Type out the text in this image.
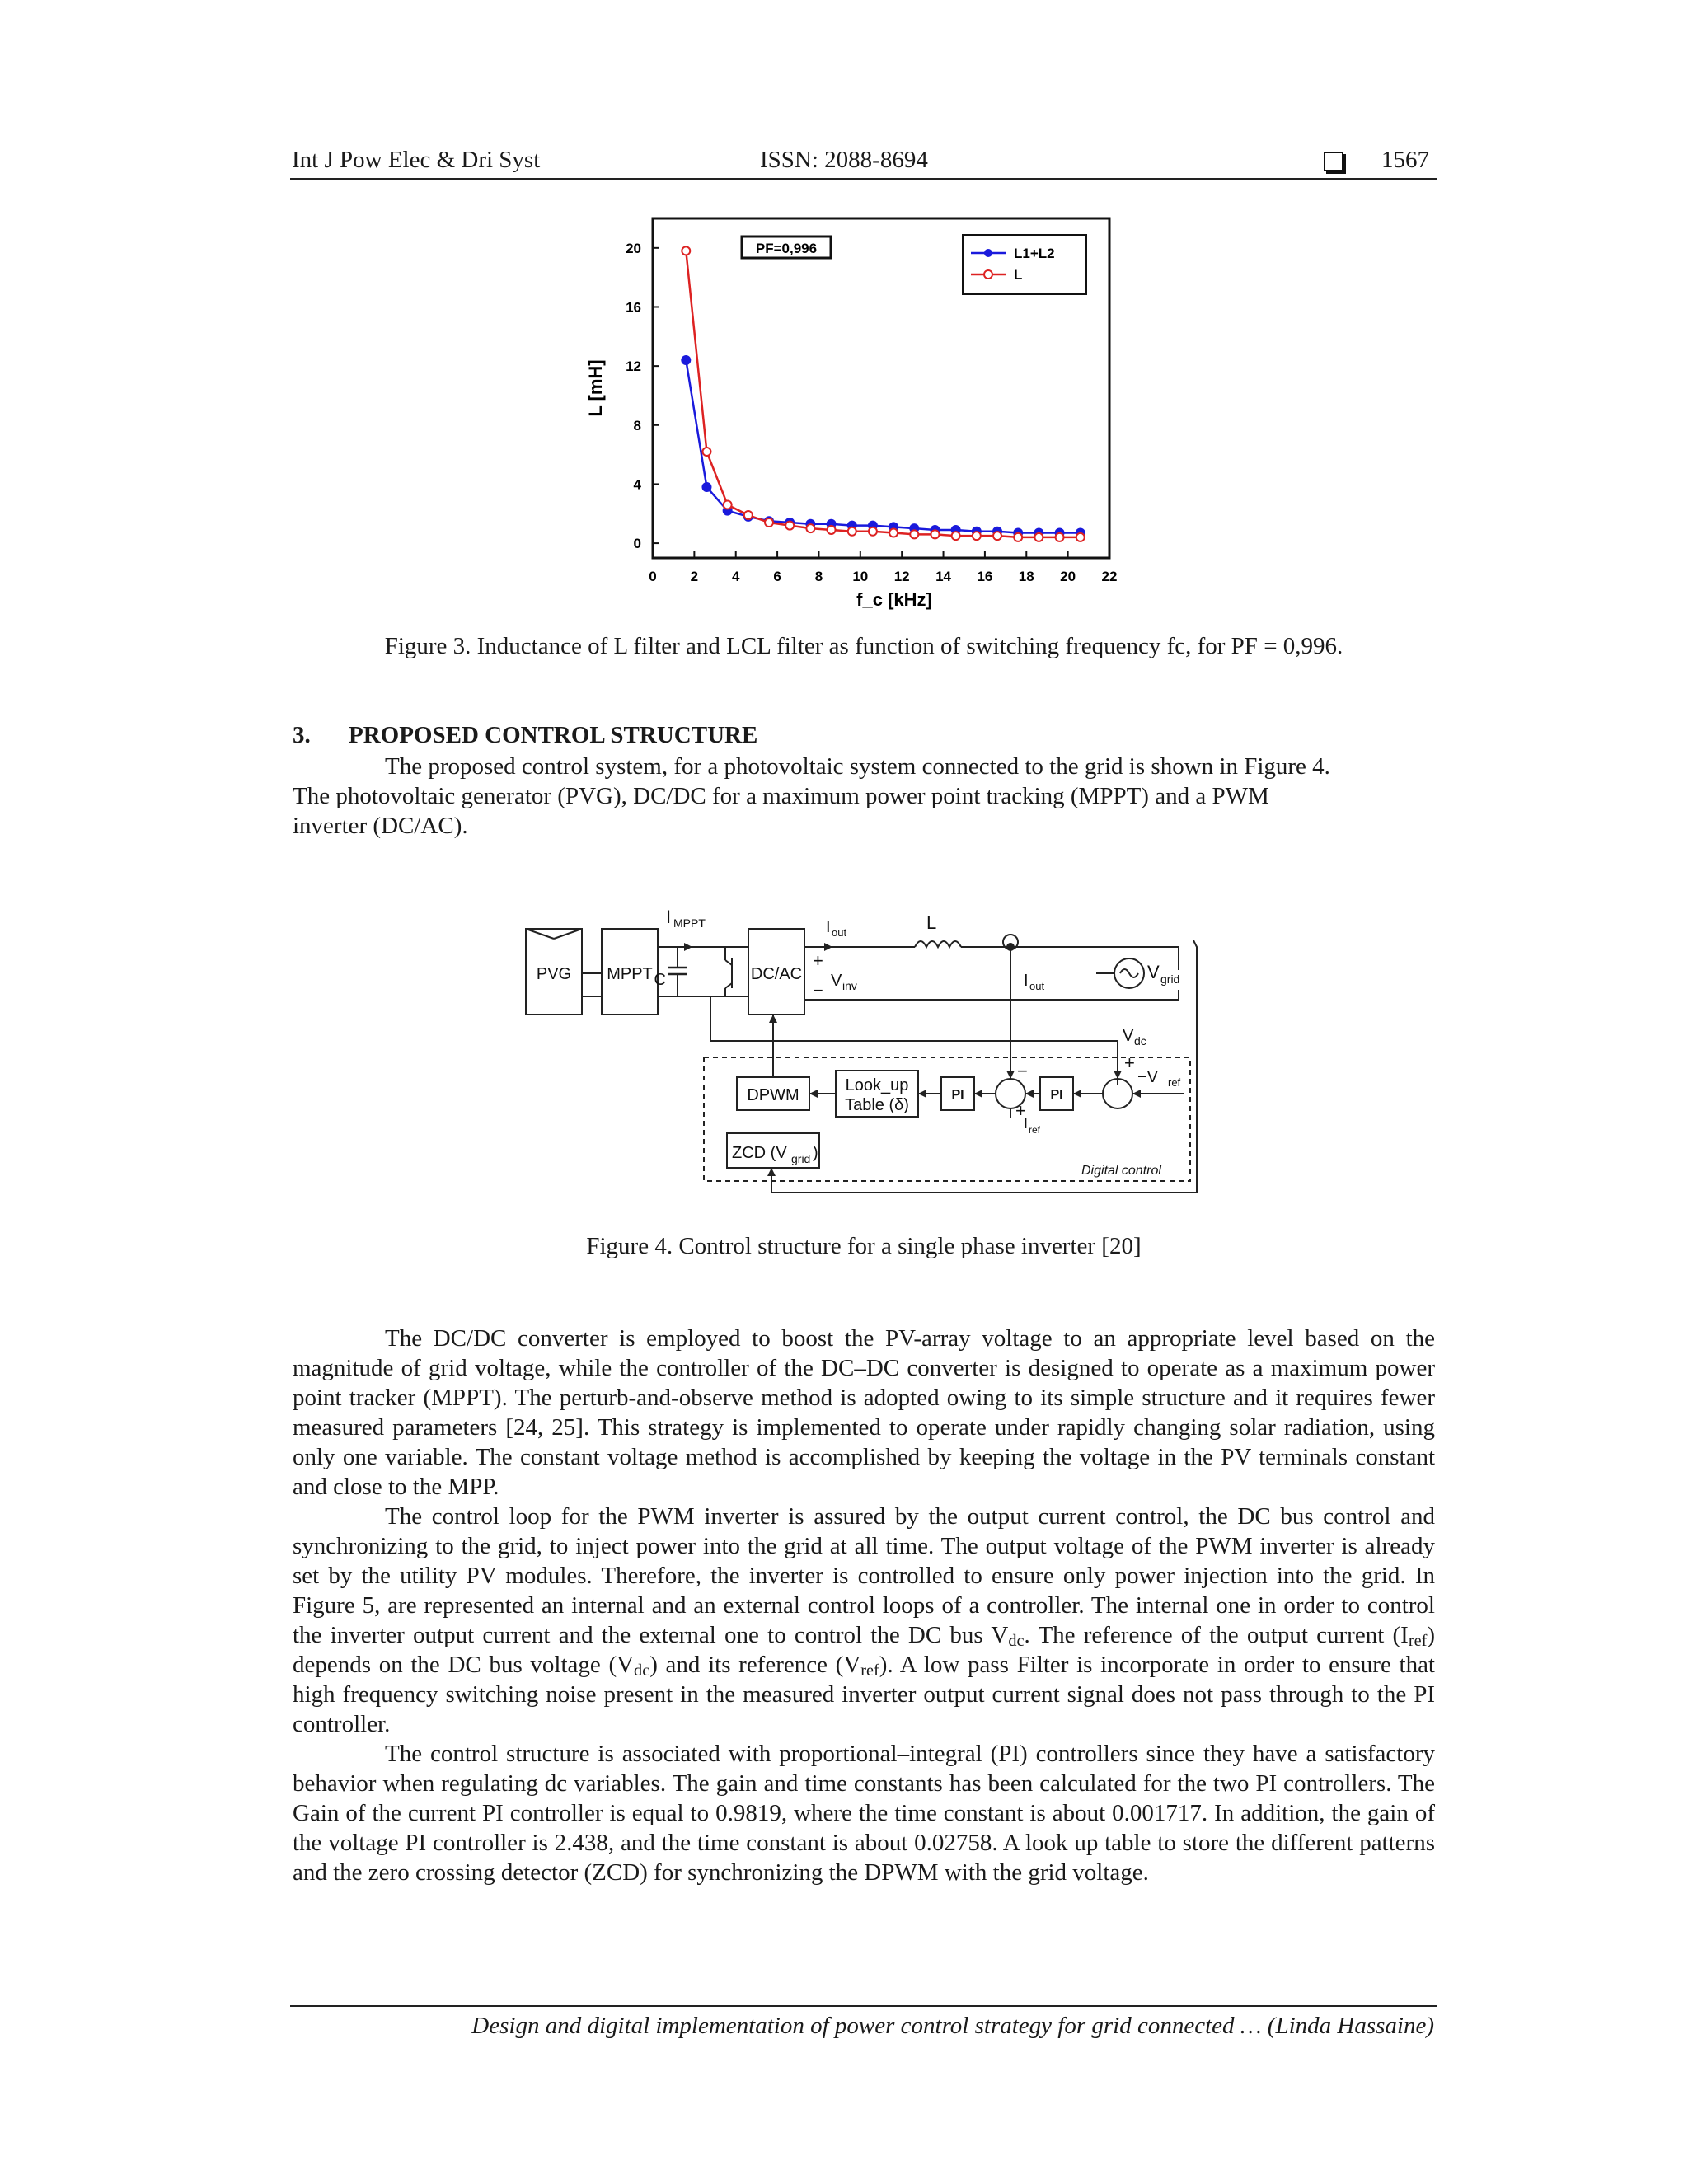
Int J Pow Elec & Dri Syst	ISSN: 2088-8694	1567
0 2 4 6 8 10 12 14 16 18 20 22
0
4
8
12
16
20	PF=0,996	L1+L2
L
L [mH]
f_c [kHz]
Figure 3. Inductance of L filter and LCL filter as function of switching frequency fc, for PF = 0,996.
3. PROPOSED CONTROL STRUCTURE
The proposed control system, for a photovoltaic system connected to the grid is shown in Figure 4.
The photovoltaic generator (PVG), DC/DC for a maximum power point tracking (MPPT) and a PWM
inverter (DC/AC).
PVG MPPT C	DC/AC
I MPPT	I out	L
+
− V inv	I out
V grid
V dc
+
−V ref
DPWM
Look_up
Table (δ)
PI	PI
−
+
I ref
ZCD (V grid )
Digital control
Figure 4. Control structure for a single phase inverter [20]

The DC/DC converter is employed to boost the PV-array voltage to an appropriate level based on the magnitude of grid voltage, while the controller of the DC–DC converter is designed to operate as a maximum power point tracker (MPPT). The perturb-and-observe method is adopted owing to its simple structure and it requires fewer measured parameters [24, 25]. This strategy is implemented to operate under rapidly changing solar radiation, using only one variable. The constant voltage method is accomplished by keeping the voltage in the PV terminals constant and close to the MPP.

The control loop for the PWM inverter is assured by the output current control, the DC bus control and synchronizing to the grid, to inject power into the grid at all time. The output voltage of the PWM inverter is already set by the utility PV modules. Therefore, the inverter is controlled to ensure only power injection into the grid. In Figure 5, are represented an internal and an external control loops of a controller. The internal one in order to control the inverter output current and the external one to control the DC bus $V_{dc}$. The reference of the output current $(I_{ref})$ depends on the DC bus voltage $(V_{dc})$ and its reference $(V_{ref})$. A low pass Filter is incorporate in order to ensure that high frequency switching noise present in the measured inverter output current signal does not pass through to the PI controller.

The control structure is associated with proportional–integral (PI) controllers since they have a satisfactory behavior when regulating dc variables. The gain and time constants has been calculated for the two PI controllers. The Gain of the current PI controller is equal to 0.9819, where the time constant is about 0.001717. In addition, the gain of the voltage PI controller is 2.438, and the time constant is about 0.02758. A look up table to store the different patterns and the zero crossing detector (ZCD) for synchronizing the DPWM with the grid voltage.

Design and digital implementation of power control strategy for grid connected … (Linda Hassaine)
